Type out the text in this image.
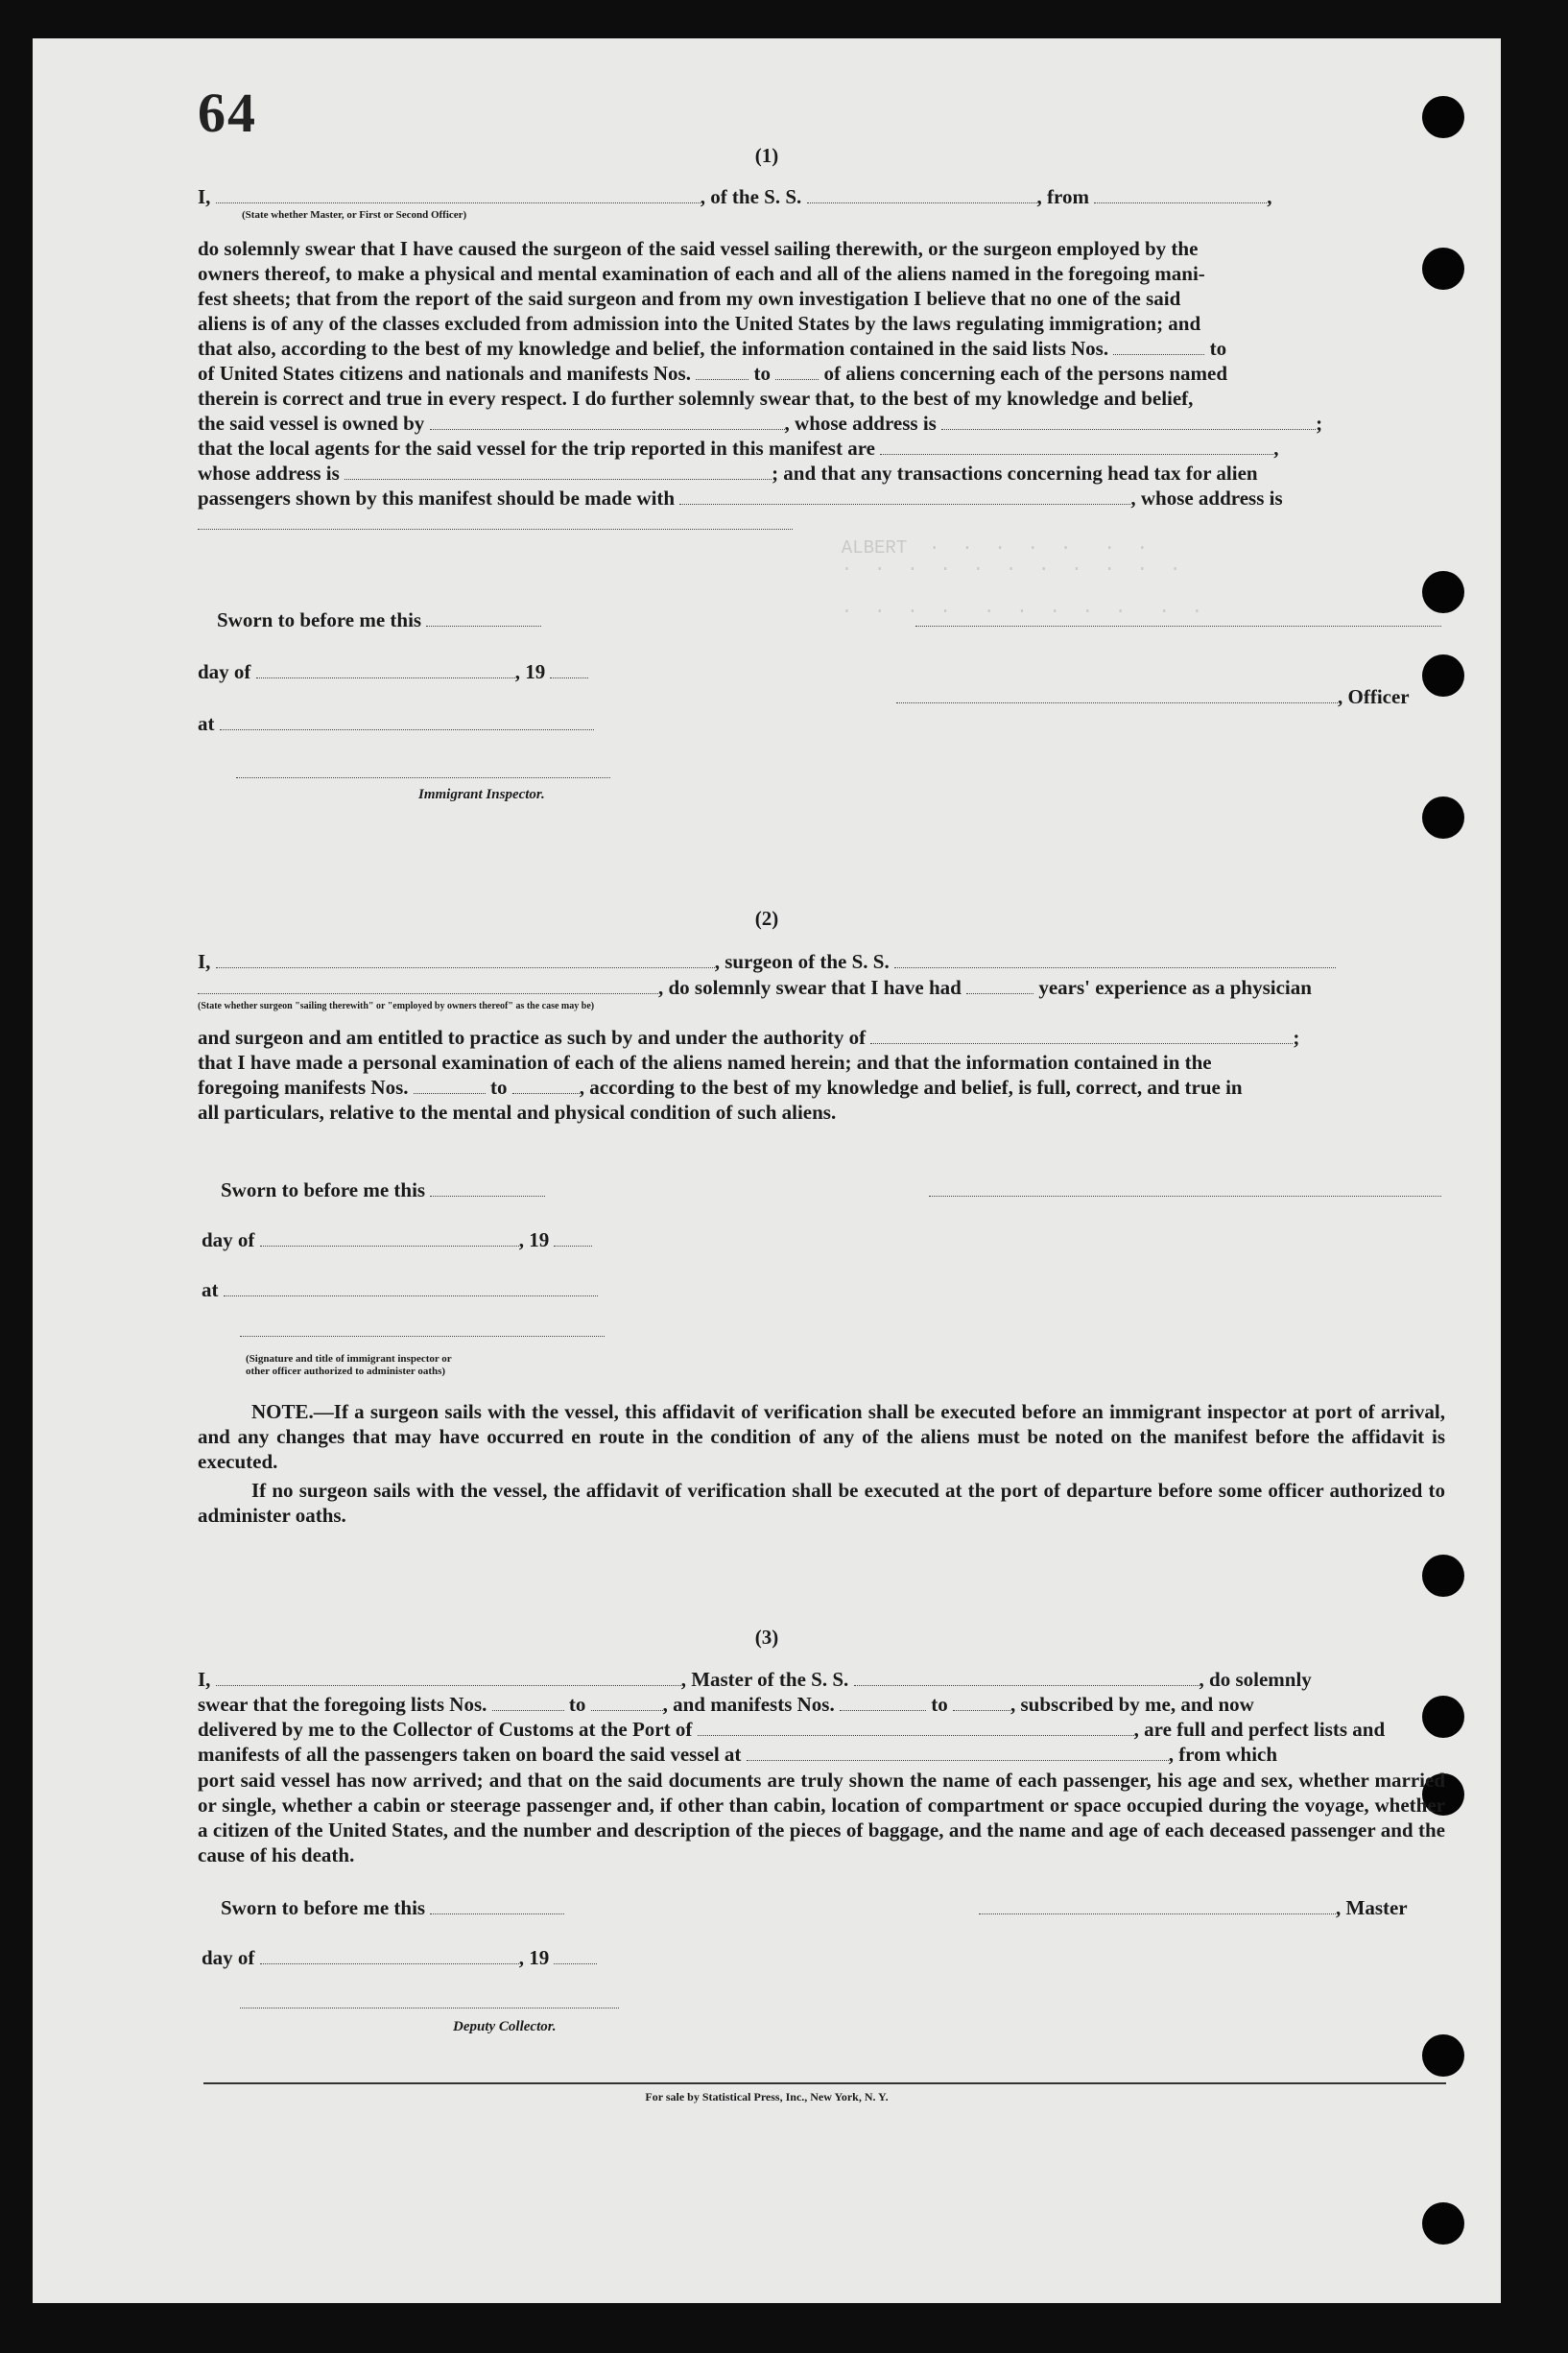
ALBERT  ·  ·  ·  ·  ·   ·  ·
·  ·  ·  ·  ·  ·  ·  ·  ·  ·  ·

·  ·  ·  ·   ·  ·  ·  ·  ·   ·  ·
64
(1)
I,	, of the S. S.	, from	,
(State whether Master, or First or Second Officer)
do solemnly swear that I have caused the surgeon of the said vessel sailing therewith, or the surgeon employed by the
owners thereof, to make a physical and mental examination of each and all of the aliens named in the foregoing mani-
fest sheets; that from the report of the said surgeon and from my own investigation I believe that no one of the said
aliens is of any of the classes excluded from admission into the United States by the laws regulating immigration; and
that also, according to the best of my knowledge and belief, the information contained in the said lists Nos.	to
of United States citizens and nationals and manifests Nos.	to	of aliens concerning each of the persons named
therein is correct and true in every respect. I do further solemnly swear that, to the best of my knowledge and belief,
the said vessel is owned by	, whose address is	;
that the local agents for the said vessel for the trip reported in this manifest are	,
whose address is	; and that any transactions concerning head tax for alien
passengers shown by this manifest should be made with	, whose address is
Sworn to before me this
day of	, 19
, Officer
at
Immigrant Inspector.
(2)
I,	, surgeon of the S. S.
, do solemnly swear that I have had	years' experience as a physician
(State whether surgeon "sailing therewith" or "employed by owners thereof" as the case may be)
and surgeon and am entitled to practice as such by and under the authority of	;
that I have made a personal examination of each of the aliens named herein; and that the information contained in the
foregoing manifests Nos.	to	, according to the best of my knowledge and belief, is full, correct, and true in
all particulars, relative to the mental and physical condition of such aliens.
Sworn to before me this
day of	, 19
at
(Signature and title of immigrant inspector or
other officer authorized to administer oaths)
NOTE.—If a surgeon sails with the vessel, this affidavit of verification shall be executed before an immigrant inspector at port of arrival, and any changes that may have occurred en route in the condition of any of the aliens must be noted on the manifest before the affidavit is executed.
If no surgeon sails with the vessel, the affidavit of verification shall be executed at the port of departure before some officer authorized to administer oaths.
(3)
I,	, Master of the S. S.	, do solemnly
swear that the foregoing lists Nos.	to	, and manifests Nos.	to	, subscribed by me, and now
delivered by me to the Collector of Customs at the Port of	, are full and perfect lists and
manifests of all the passengers taken on board the said vessel at	, from which
port said vessel has now arrived; and that on the said documents are truly shown the name of each passenger, his age and sex, whether married or single, whether a cabin or steerage passenger and, if other than cabin, location of compartment or space occupied during the voyage, whether a citizen of the United States, and the number and description of the pieces of baggage, and the name and age of each deceased passenger and the cause of his death.
Sworn to before me this	, Master
day of	, 19
Deputy Collector.
For sale by Statistical Press, Inc., New York, N. Y.
